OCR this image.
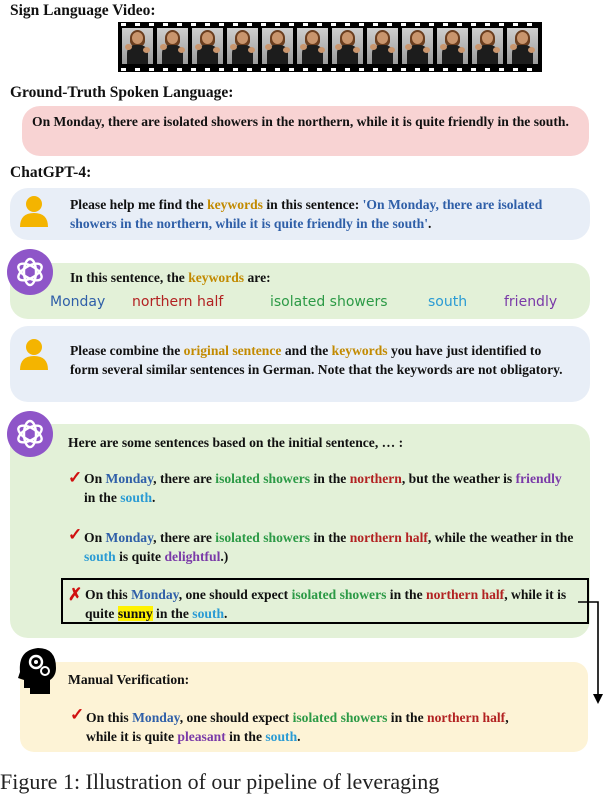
Sign Language Video:
Ground-Truth Spoken Language:
On Monday, there are isolated showers in the northern, while it is quite friendly in the south.
ChatGPT-4:
Please help me find the keywords in this sentence: 'On Monday, there are isolated showers in the northern, while it is quite friendly in the south'.
In this sentence, the keywords are:
Monday northern half	isolated showers	south	friendly
Please combine the original sentence and the keywords you have just identified to form several similar sentences in German. Note that the keywords are not obligatory.
Here are some sentences based on the initial sentence, … :
✓ On Monday, there are isolated showers in the northern, but the weather is friendly in the south.
✓ On Monday, there are isolated showers in the northern half, while the weather in the south is quite delightful.)
✗ On this Monday, one should expect isolated showers in the northern half, while it is quite sunny in the south.
Manual Verification:
✓ On this Monday, one should expect isolated showers in the northern half,
while it is quite pleasant in the south.
Figure 1: Illustration of our pipeline of leveraging
